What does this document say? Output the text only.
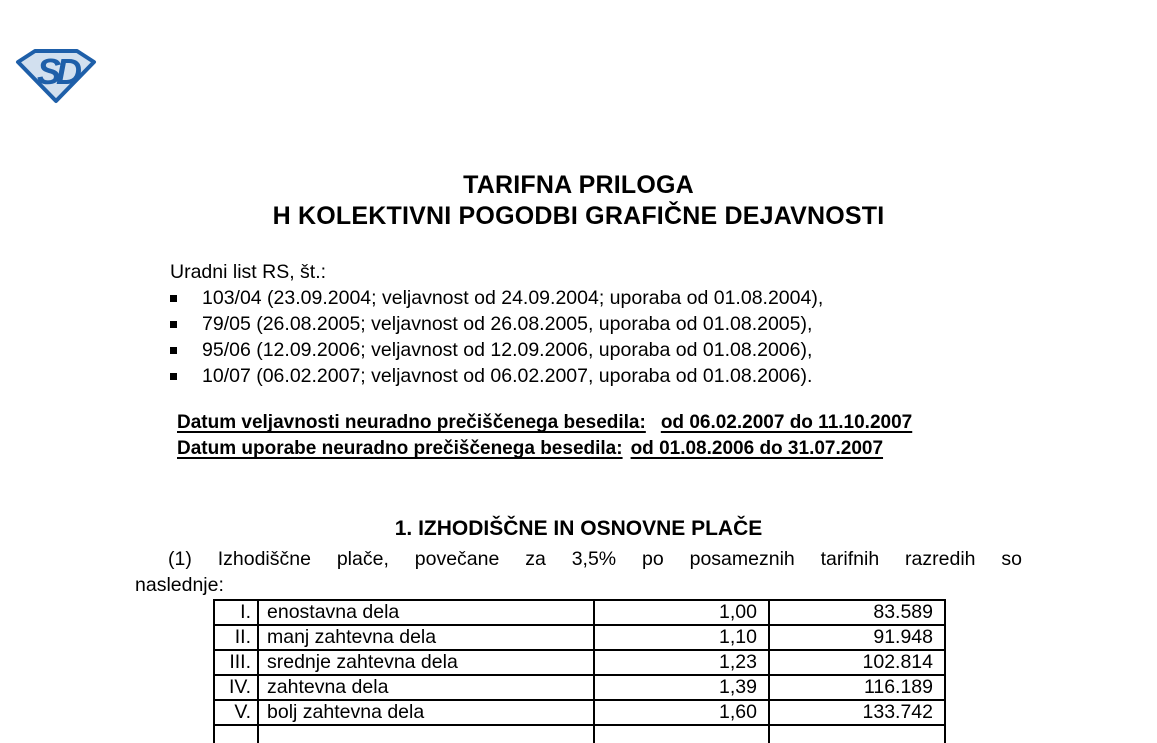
SD
TARIFNA PRILOGA
H KOLEKTIVNI POGODBI GRAFIČNE DEJAVNOSTI
Uradni list RS, št.:
103/04 (23.09.2004; veljavnost od 24.09.2004; uporaba od 01.08.2004),
79/05 (26.08.2005; veljavnost od 26.08.2005, uporaba od 01.08.2005),
95/06 (12.09.2006; veljavnost od 12.09.2006, uporaba od 01.08.2006),
10/07 (06.02.2007; veljavnost od 06.02.2007, uporaba od 01.08.2006).
Datum veljavnosti neuradno prečiščenega besedila: od 06.02.2007 do 11.10.2007
Datum uporabe neuradno prečiščenega besedila: od 01.08.2006 do 31.07.2007
1. IZHODIŠČNE IN OSNOVNE PLAČE
(1) Izhodiščne plače, povečane za 3,5% po posameznih tarifnih razredih so
naslednje:
I.	enostavna dela	1,00	83.589
II.	manj zahtevna dela	1,10	91.948
III.	srednje zahtevna dela	1,23	102.814
IV.	zahtevna dela	1,39	116.189
V.	bolj zahtevna dela	1,60	133.742
